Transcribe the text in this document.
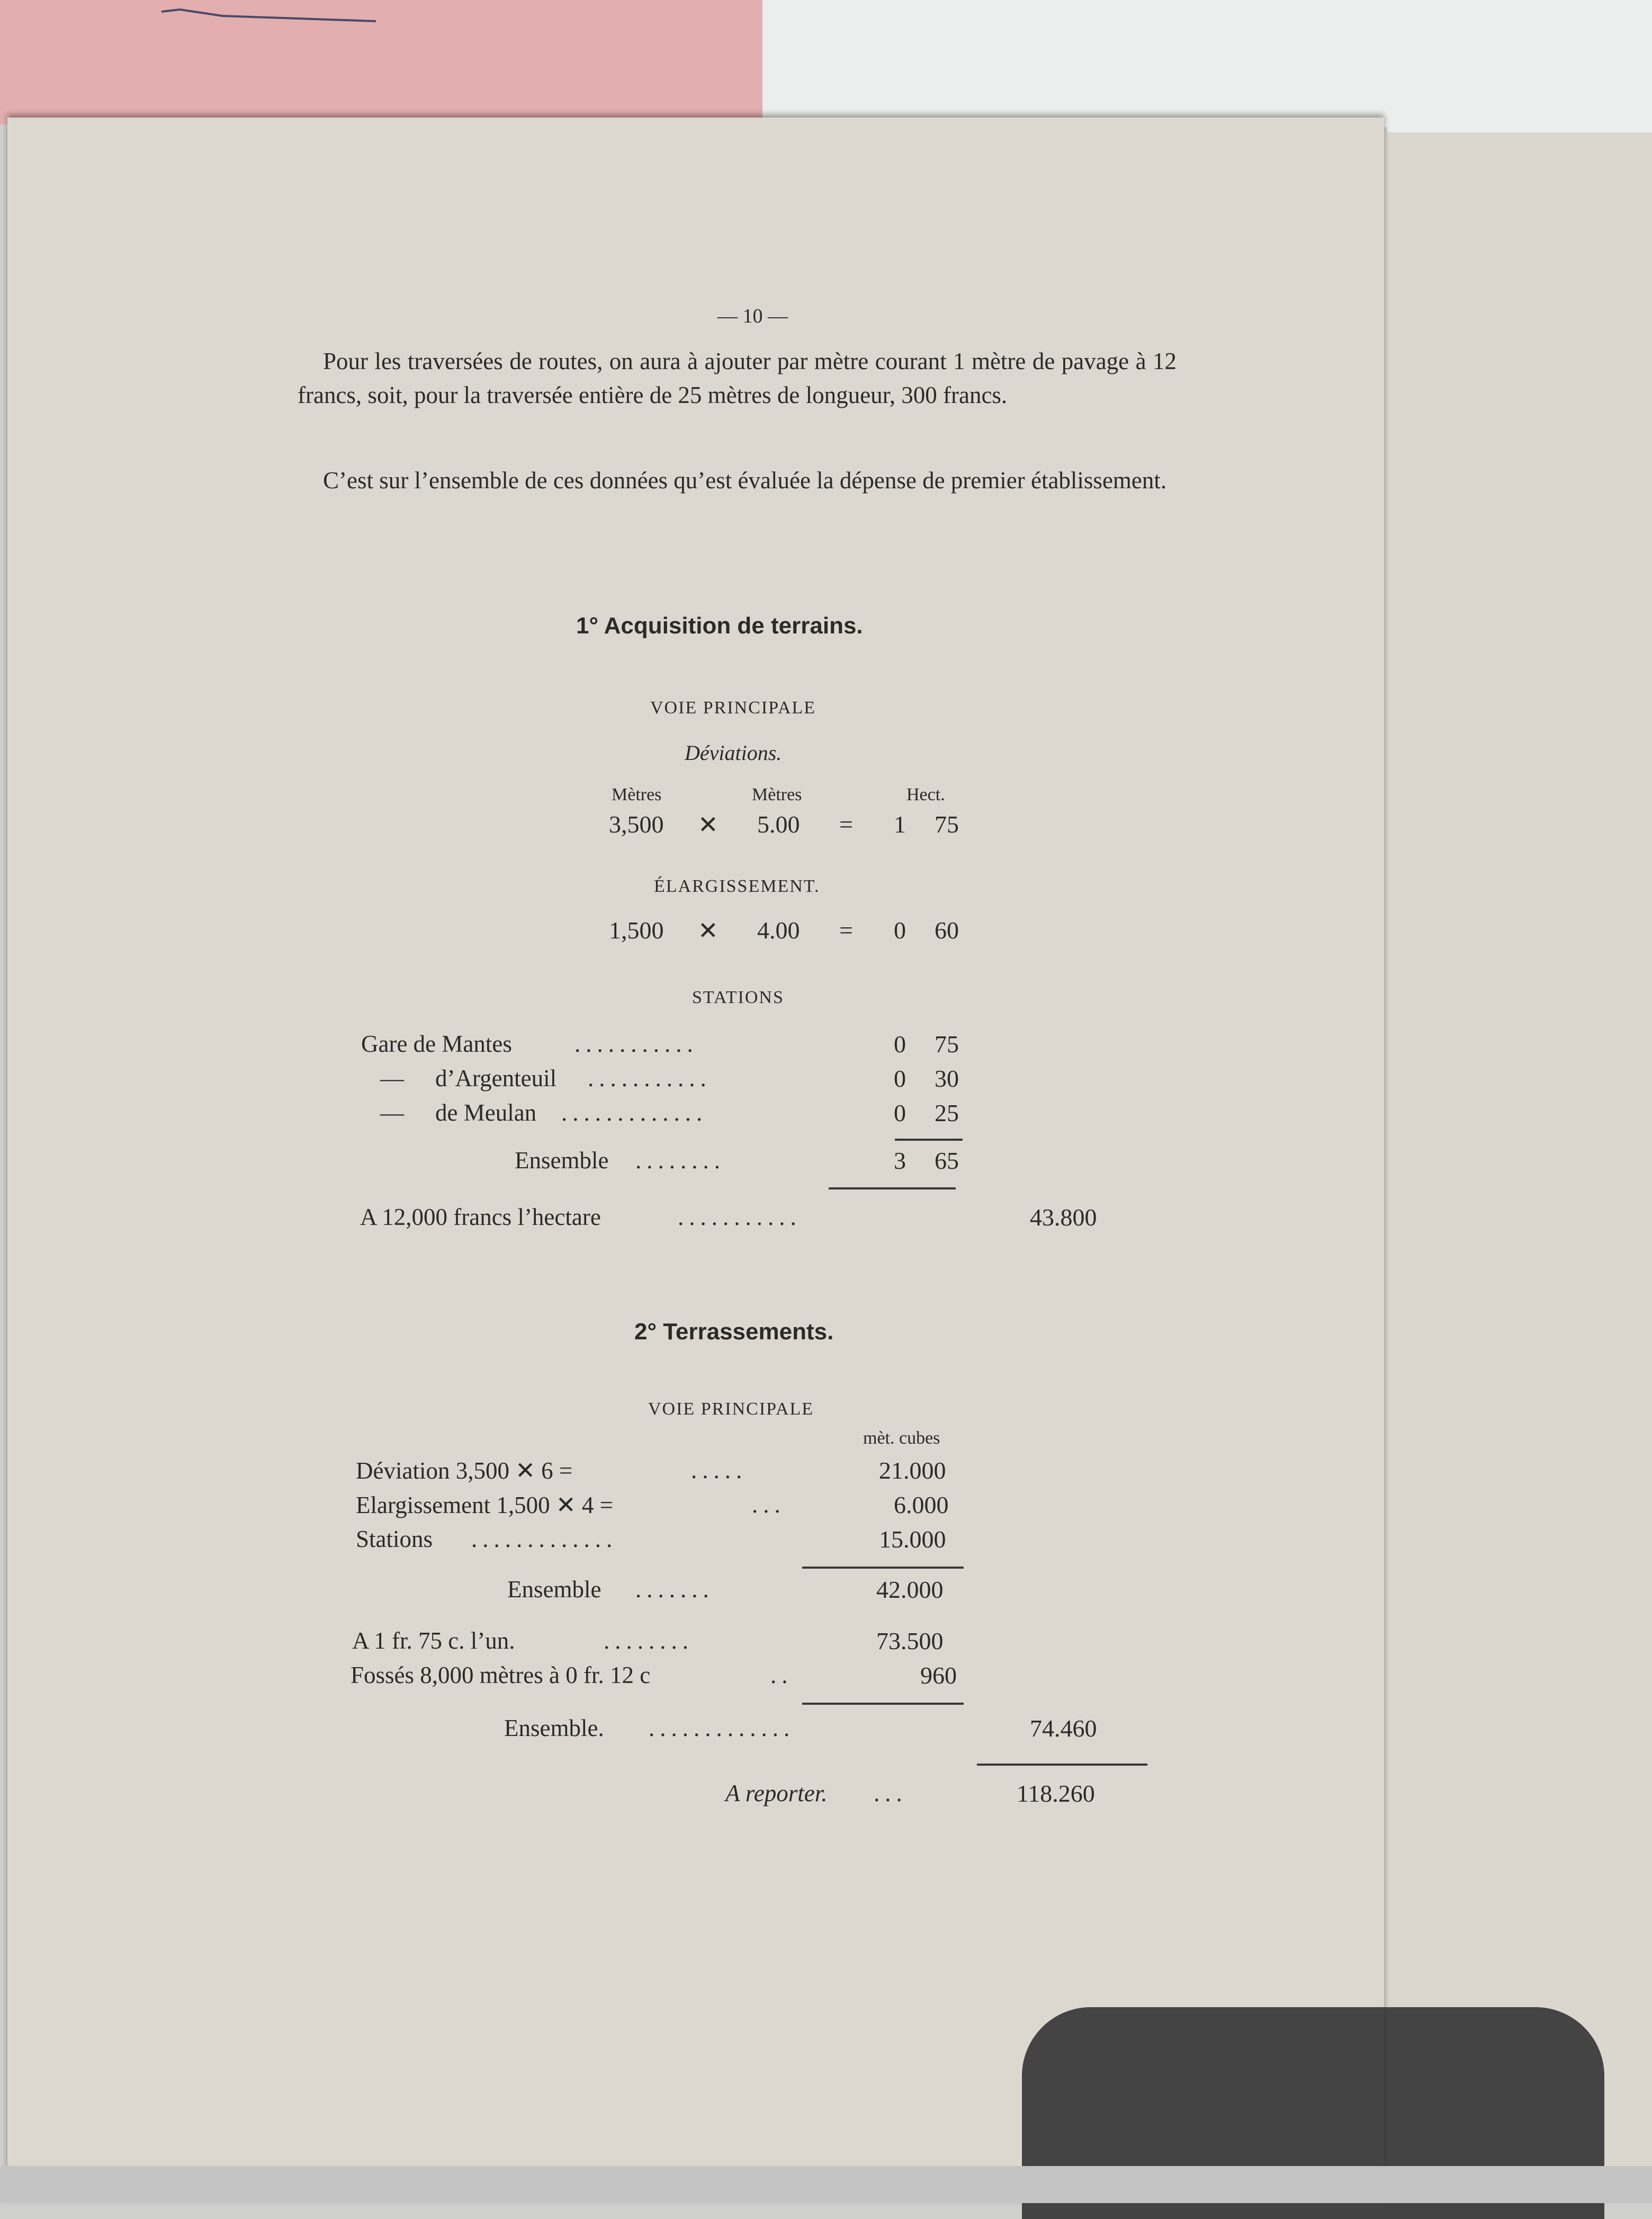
— 10 —
Pour les traversées de routes, on aura à ajouter par mètre courant 1 mètre de pavage à 12 francs, soit, pour la traversée entière de 25 mètres de longueur, 300 francs.
C’est sur l’ensemble de ces données qu’est évaluée la dépense de premier établissement.
1° Acquisition de terrains.
VOIE PRINCIPALE
Déviations.
Mètres	Mètres	Hect.
3,500 ✕ 5.00 = 1 75
ÉLARGISSEMENT.
1,500 ✕ 4.00 = 0 60
STATIONS
Gare de Mantes	...........	0 75
— d’Argenteuil ...........	0 30
— de Meulan .............	0 25
Ensemble ........	3 65
A 12,000 francs l’hectare	...........	43.800
2° Terrassements.
VOIE PRINCIPALE
mèt. cubes
Déviation 3,500 ✕ 6 =	.....	21.000
Elargissement 1,500 ✕ 4 =	...	6.000
Stations .............	15.000
Ensemble .......	42.000
A 1 fr. 75 c. l’un.	........	73.500
Fossés 8,000 mètres à 0 fr. 12 c	..	960
Ensemble. .............	74.460
A reporter. ...	118.260
